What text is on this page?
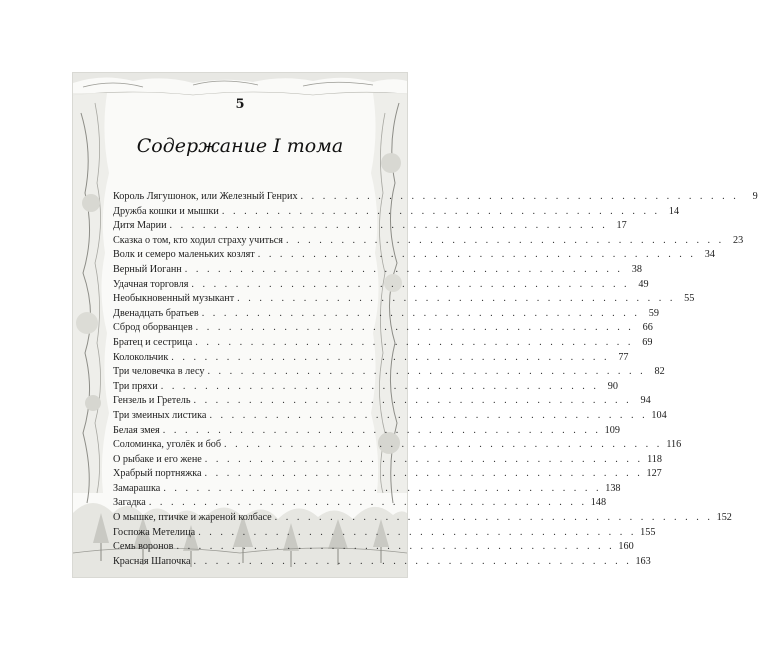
5
Содержание I тома
Король Лягушонок, или Железный Генрих . . . . . . . . . . . . . . . . . . . . . . . . . . . . . . . . . . . . . . . .	9
Дружба кошки и мышки . . . . . . . . . . . . . . . . . . . . . . . . . . . . . . . . . . . . . . . . 14
Дитя Марии . . . . . . . . . . . . . . . . . . . . . . . . . . . . . . . . . . . . . . . . 17
Сказка о том, кто ходил страху учиться . . . . . . . . . . . . . . . . . . . . . . . . . . . . . . . . . . . . . . . . 23
Волк и семеро маленьких козлят . . . . . . . . . . . . . . . . . . . . . . . . . . . . . . . . . . . . . . . . 34
Верный Иоганн . . . . . . . . . . . . . . . . . . . . . . . . . . . . . . . . . . . . . . . . 38
Удачная торговля . . . . . . . . . . . . . . . . . . . . . . . . . . . . . . . . . . . . . . . . 49
Необыкновенный музыкант . . . . . . . . . . . . . . . . . . . . . . . . . . . . . . . . . . . . . . . . 55
Двенадцать братьев . . . . . . . . . . . . . . . . . . . . . . . . . . . . . . . . . . . . . . . . 59
Сброд оборванцев . . . . . . . . . . . . . . . . . . . . . . . . . . . . . . . . . . . . . . . . 66
Братец и сестрица . . . . . . . . . . . . . . . . . . . . . . . . . . . . . . . . . . . . . . . . 69
Колокольчик . . . . . . . . . . . . . . . . . . . . . . . . . . . . . . . . . . . . . . . . 77
Три человечка в лесу . . . . . . . . . . . . . . . . . . . . . . . . . . . . . . . . . . . . . . . . 82
Три пряхи . . . . . . . . . . . . . . . . . . . . . . . . . . . . . . . . . . . . . . . . 90
Гензель и Гретель . . . . . . . . . . . . . . . . . . . . . . . . . . . . . . . . . . . . . . . . 94
Три змеиных листика . . . . . . . . . . . . . . . . . . . . . . . . . . . . . . . . . . . . . . . . 104
Белая змея . . . . . . . . . . . . . . . . . . . . . . . . . . . . . . . . . . . . . . . . 109
Соломинка, уголёк и боб . . . . . . . . . . . . . . . . . . . . . . . . . . . . . . . . . . . . . . . . 116
О рыбаке и его жене . . . . . . . . . . . . . . . . . . . . . . . . . . . . . . . . . . . . . . . . 118
Храбрый портняжка . . . . . . . . . . . . . . . . . . . . . . . . . . . . . . . . . . . . . . . . 127
Замарашка . . . . . . . . . . . . . . . . . . . . . . . . . . . . . . . . . . . . . . . . 138
Загадка . . . . . . . . . . . . . . . . . . . . . . . . . . . . . . . . . . . . . . . . 148
О мышке, птичке и жареной колбасе . . . . . . . . . . . . . . . . . . . . . . . . . . . . . . . . . . . . . . . . 152
Госпожа Метелица . . . . . . . . . . . . . . . . . . . . . . . . . . . . . . . . . . . . . . . . 155
Семь воронов . . . . . . . . . . . . . . . . . . . . . . . . . . . . . . . . . . . . . . . . 160
Красная Шапочка . . . . . . . . . . . . . . . . . . . . . . . . . . . . . . . . . . . . . . . . 163
